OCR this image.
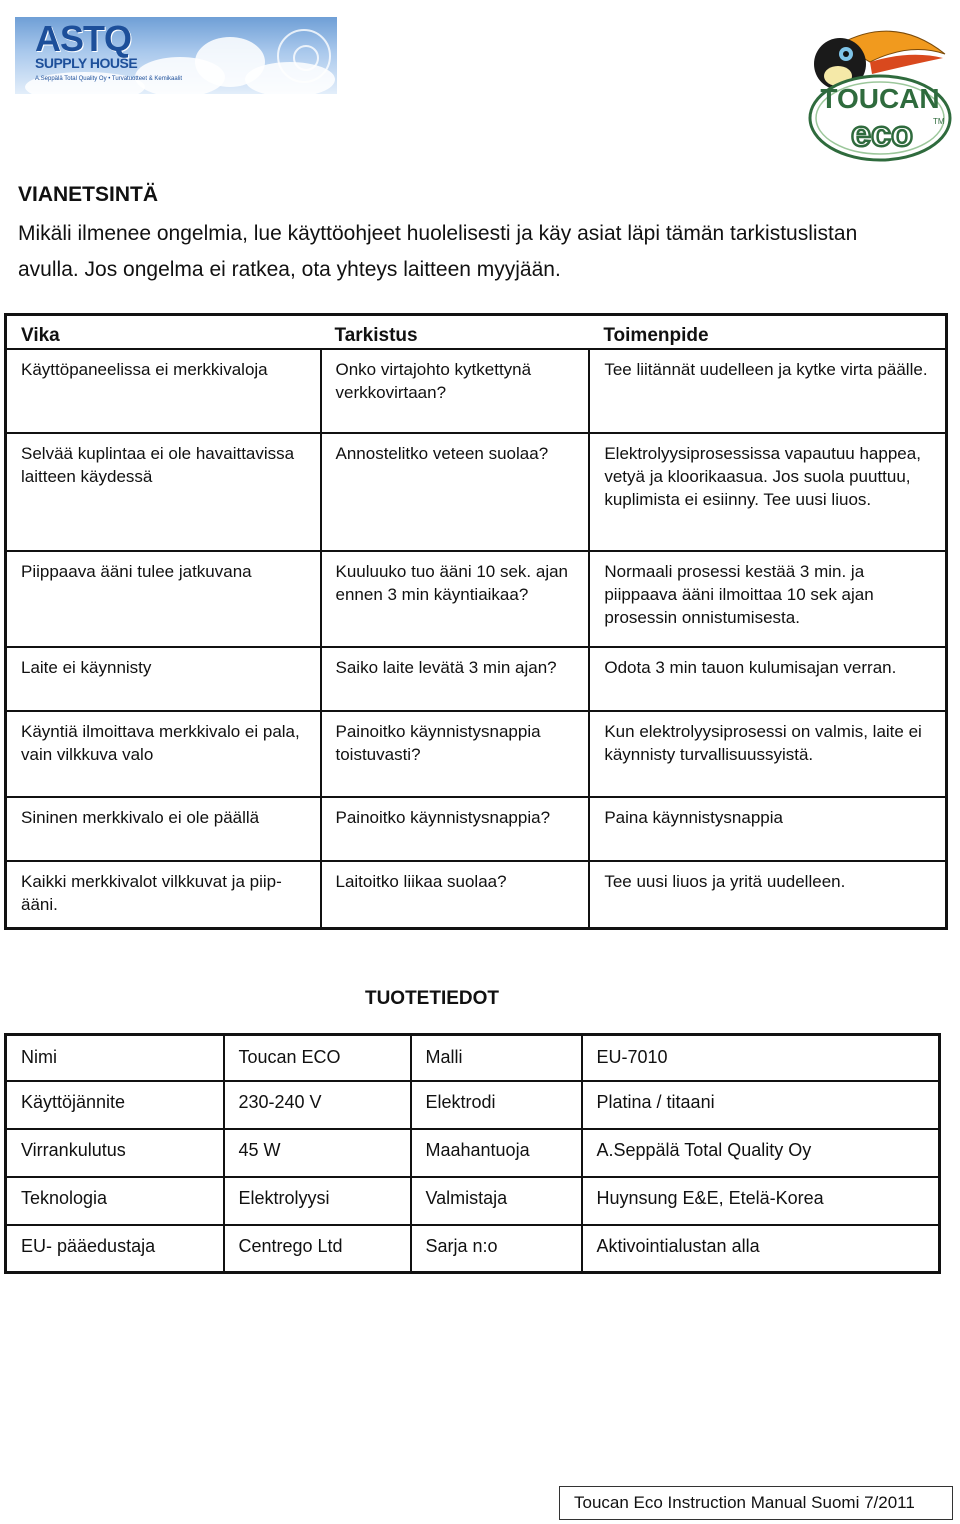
ASTQ
SUPPLY HOUSE
A.Seppälä Total Quality Oy • Turvatuotteet & Kemikaalit
TOUCAN
eco TM
VIANETSINTÄ

Mikäli ilmenee ongelmia, lue käyttöohjeet huolelisesti ja käy asiat läpi tämän tarkistuslistan avulla. Jos ongelma ei ratkea, ota yhteys laitteen myyjään.

Vika	Tarkistus	Toimenpide
Käyttöpaneelissa ei merkkivaloja	Onko virtajohto kytkettynä verkkovirtaan?	Tee liitännät uudelleen ja kytke virta päälle.
Selvää kuplintaa ei ole havaittavissa laitteen käydessä	Annostelitko veteen suolaa?	Elektrolyysiprosessissa vapautuu happea, vetyä ja kloorikaasua. Jos suola puuttuu, kuplimista ei esiinny. Tee uusi liuos.
Piippaava ääni tulee jatkuvana	Kuuluuko tuo ääni 10 sek. ajan ennen 3 min käyntiaikaa?	Normaali prosessi kestää 3 min. ja piippaava ääni ilmoittaa 10 sek ajan prosessin onnistumisesta.
Laite ei käynnisty	Saiko laite levätä 3 min ajan?	Odota 3 min tauon kulumisajan verran.
Käyntiä ilmoittava merkkivalo ei pala, vain vilkkuva valo	Painoitko käynnistysnappia toistuvasti?	Kun elektrolyysiprosessi on valmis, laite ei käynnisty turvallisuussyistä.
Sininen merkkivalo ei ole päällä	Painoitko käynnistysnappia?	Paina käynnistysnappia
Kaikki merkkivalot vilkkuvat ja piip-ääni.	Laitoitko liikaa suolaa?	Tee uusi liuos ja yritä uudelleen.
TUOTETIEDOT
Nimi	Toucan ECO	Malli	EU-7010
Käyttöjännite	230-240 V	Elektrodi	Platina / titaani
Virrankulutus	45 W	Maahantuoja	A.Seppälä Total Quality Oy
Teknologia	Elektrolyysi	Valmistaja	Huynsung E&E, Etelä-Korea
EU- pääedustaja	Centrego Ltd	Sarja n:o	Aktivointialustan alla
Toucan Eco Instruction Manual Suomi 7/2011
